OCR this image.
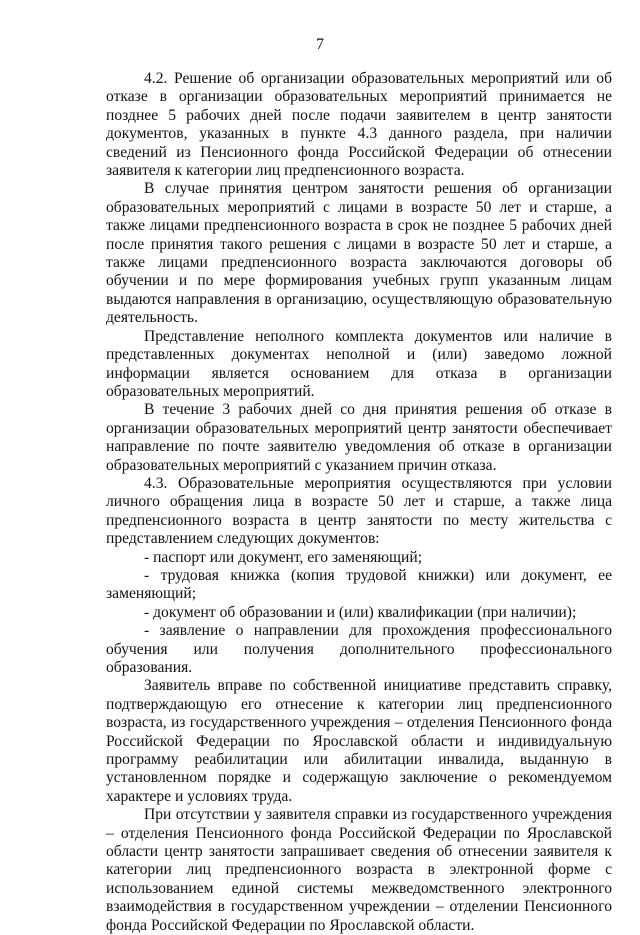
7

4.2. Решение об организации образовательных мероприятий или об отказе в организации образовательных мероприятий принимается не позднее 5 рабочих дней после подачи заявителем в центр занятости документов, указанных в пункте 4.3 данного раздела, при наличии сведений из Пенсионного фонда Российской Федерации об отнесении заявителя к категории лиц предпенсионного возраста.

В случае принятия центром занятости решения об организации образовательных мероприятий с лицами в возрасте 50 лет и старше, а также лицами предпенсионного возраста в срок не позднее 5 рабочих дней после принятия такого решения с лицами в возрасте 50 лет и старше, а также лицами предпенсионного возраста заключаются договоры об обучении и по мере формирования учебных групп указанным лицам выдаются направления в организацию, осуществляющую образовательную деятельность.

Представление неполного комплекта документов или наличие в представленных документах неполной и (или) заведомо ложной информации является основанием для отказа в организации образовательных мероприятий.

В течение 3 рабочих дней со дня принятия решения об отказе в организации образовательных мероприятий центр занятости обеспечивает направление по почте заявителю уведомления об отказе в организации образовательных мероприятий с указанием причин отказа.

4.3. Образовательные мероприятия осуществляются при условии личного обращения лица в возрасте 50 лет и старше, а также лица предпенсионного возраста в центр занятости по месту жительства с представлением следующих документов:

- паспорт или документ, его заменяющий;

- трудовая книжка (копия трудовой книжки) или документ, ее заменяющий;

- документ об образовании и (или) квалификации (при наличии);

- заявление о направлении для прохождения профессионального обучения или получения дополнительного профессионального образования.

Заявитель вправе по собственной инициативе представить справку, подтверждающую его отнесение к категории лиц предпенсионного возраста, из государственного учреждения – отделения Пенсионного фонда Российской Федерации по Ярославской области и индивидуальную программу реабилитации или абилитации инвалида, выданную в установленном порядке и содержащую заключение о рекомендуемом характере и условиях труда.

При отсутствии у заявителя справки из государственного учреждения – отделения Пенсионного фонда Российской Федерации по Ярославской области центр занятости запрашивает сведения об отнесении заявителя к категории лиц предпенсионного возраста в электронной форме с использованием единой системы межведомственного электронного взаимодействия в государственном учреждении – отделении Пенсионного фонда Российской Федерации по Ярославской области.
